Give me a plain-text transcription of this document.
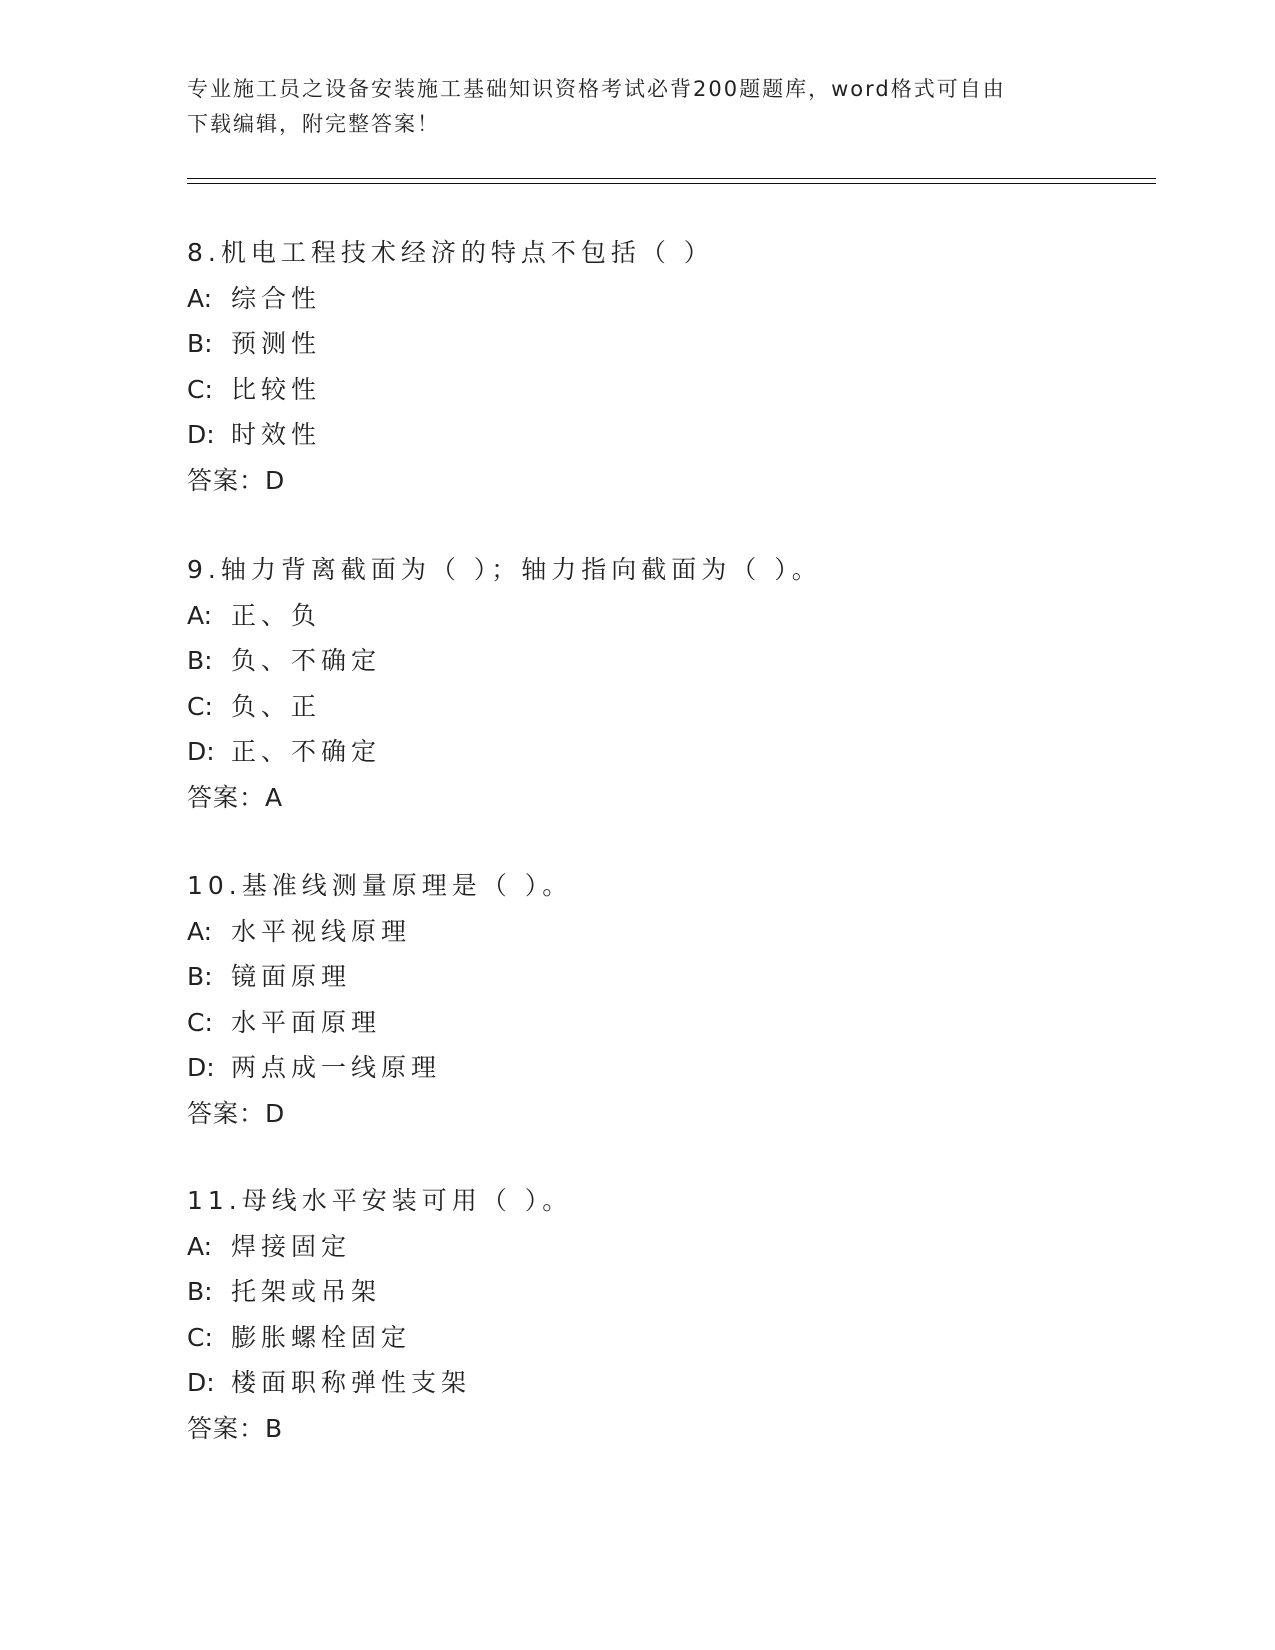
专业施工员之设备安装施工基础知识资格考试必背200题题库，word格式可自由
下载编辑，附完整答案！
8.机电工程技术经济的特点不包括（ ）
A: 综合性
B: 预测性
C: 比较性
D: 时效性
答案：D
9.轴力背离截面为（ ）；轴力指向截面为（ ）。
A: 正、负
B: 负、不确定
C: 负、正
D: 正、不确定
答案：A
10.基准线测量原理是（ ）。
A: 水平视线原理
B: 镜面原理
C: 水平面原理
D: 两点成一线原理
答案：D
11.母线水平安装可用（ ）。
A: 焊接固定
B: 托架或吊架
C: 膨胀螺栓固定
D: 楼面职称弹性支架
答案：B
